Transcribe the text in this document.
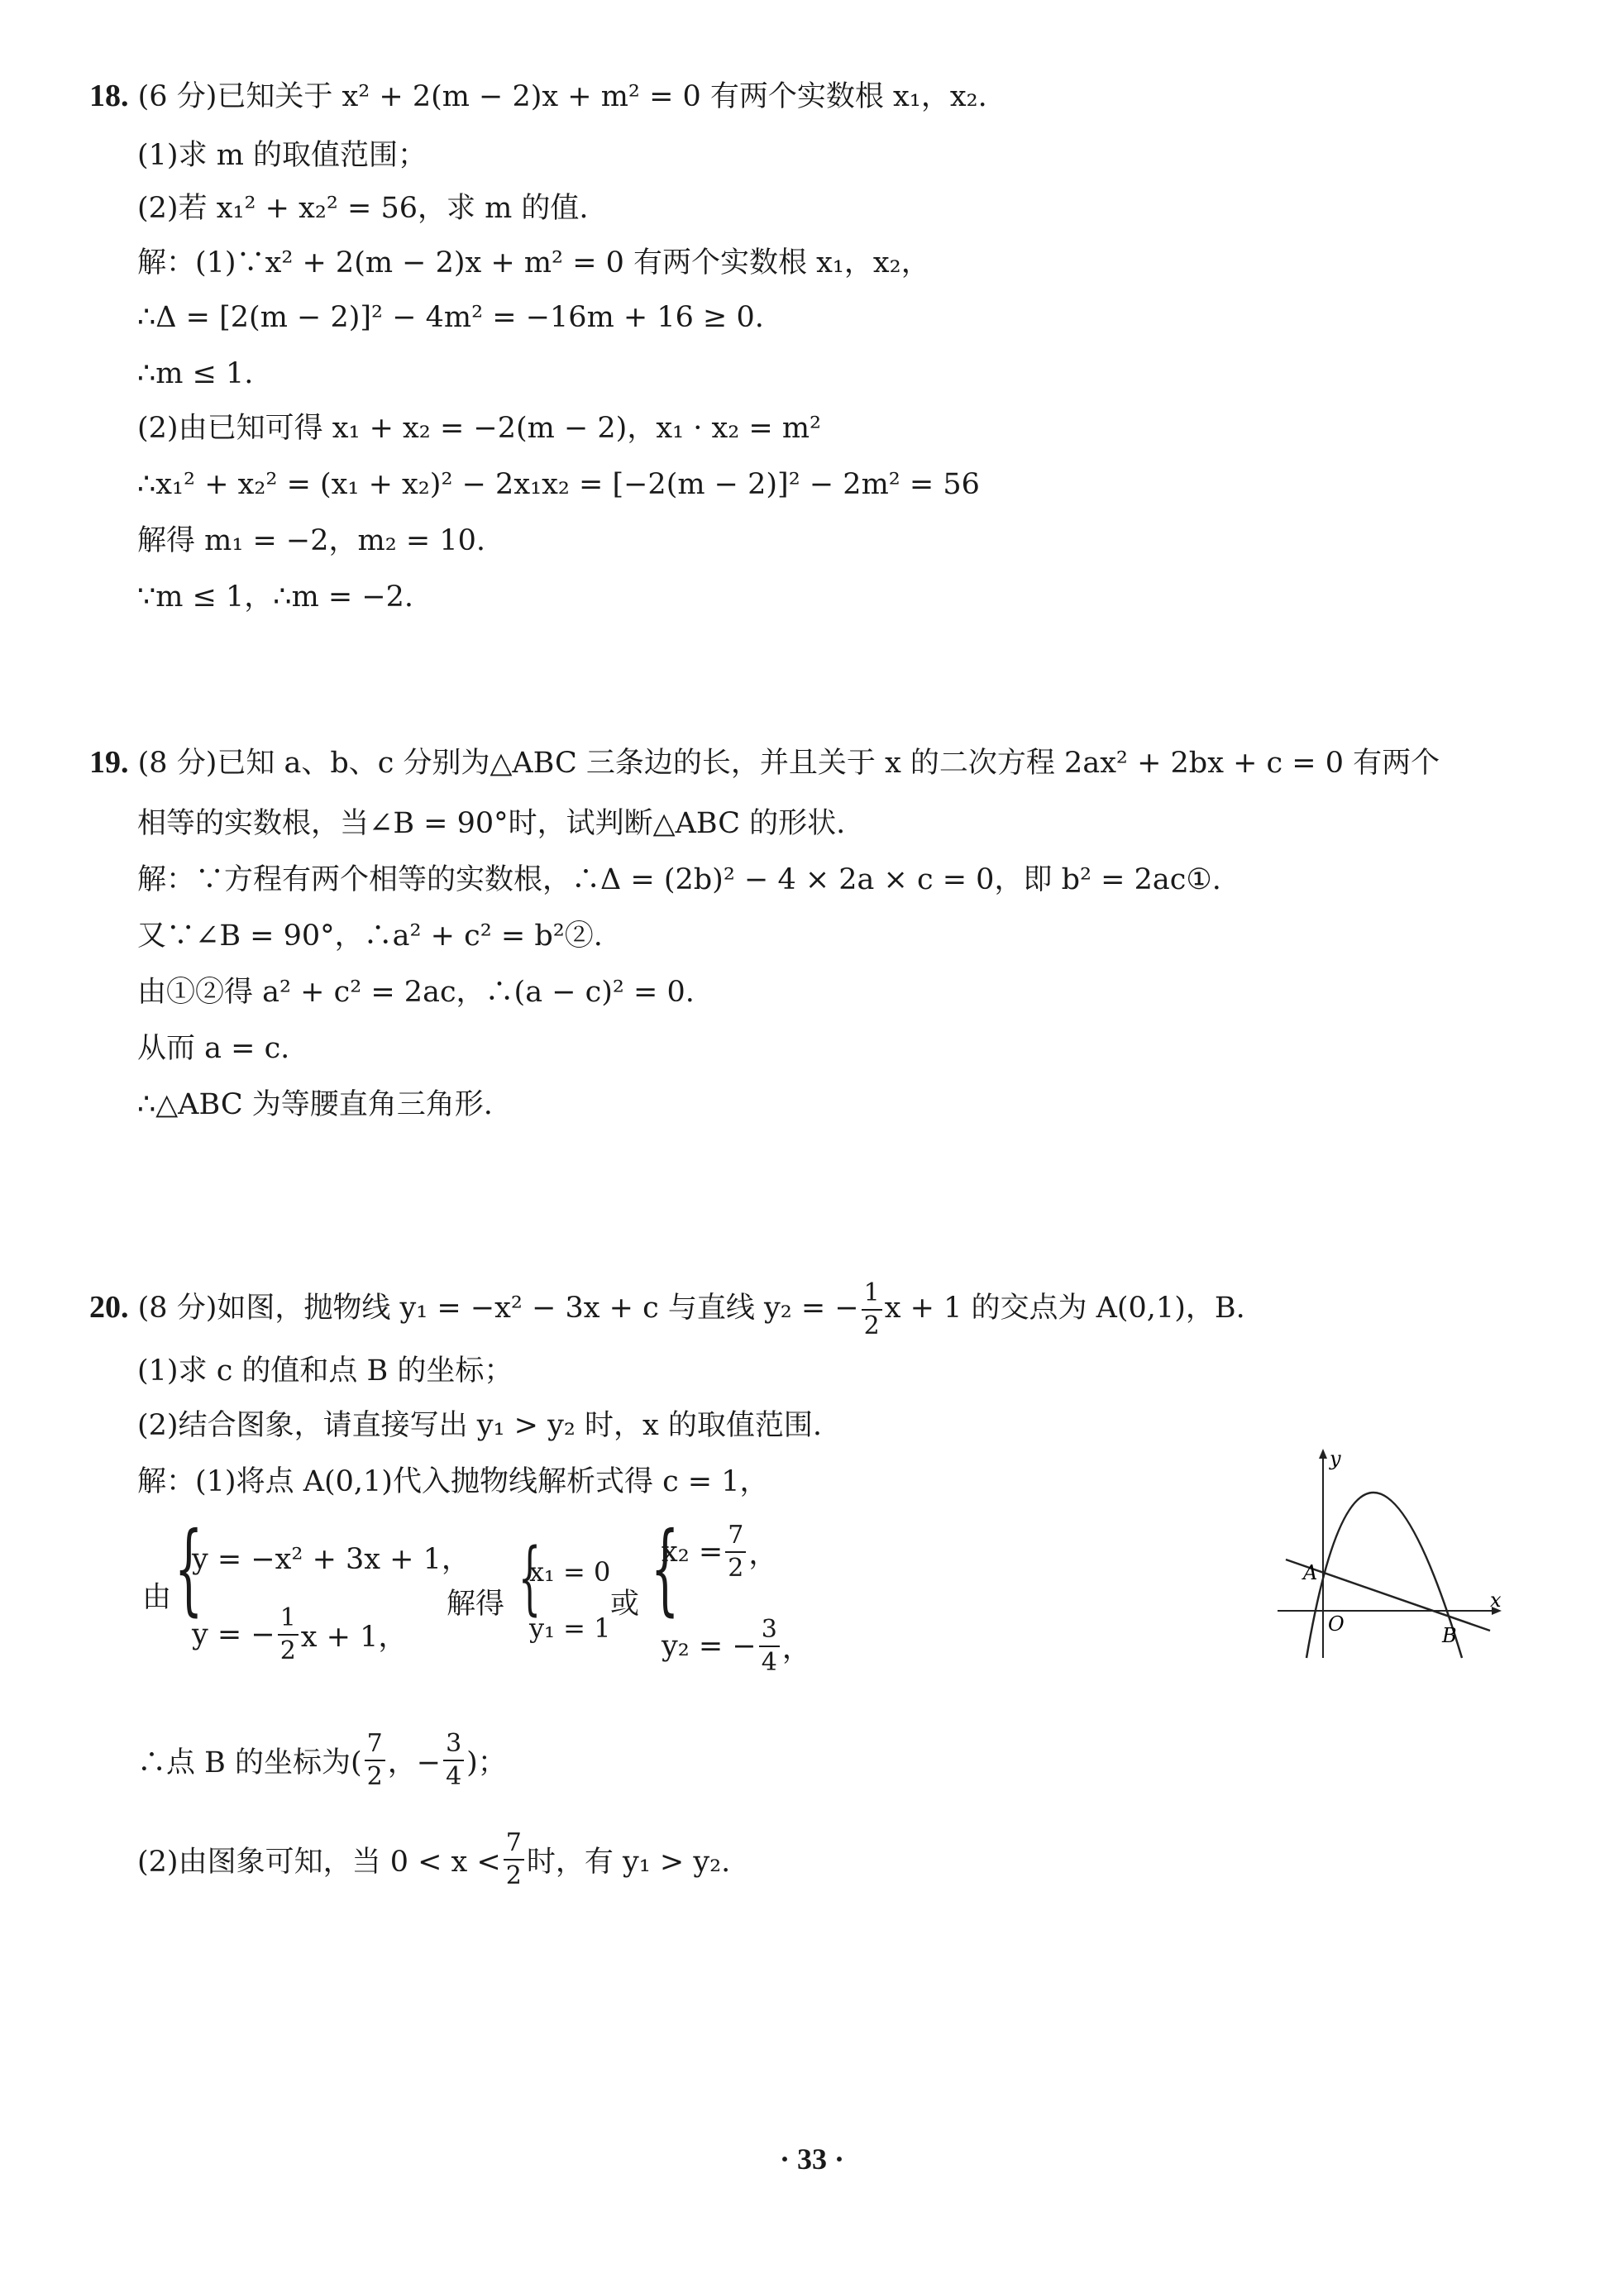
18. (6 分)已知关于 x² + 2(m − 2)x + m² = 0 有两个实数根 x₁，x₂.
(1)求 m 的取值范围；
(2)若 x₁² + x₂² = 56，求 m 的值.
解：(1)∵x² + 2(m − 2)x + m² = 0 有两个实数根 x₁，x₂，
∴Δ = [2(m − 2)]² − 4m² = −16m + 16 ≥ 0.
∴m ≤ 1.
(2)由已知可得 x₁ + x₂ = −2(m − 2)，x₁ · x₂ = m²
∴x₁² + x₂² = (x₁ + x₂)² − 2x₁x₂ = [−2(m − 2)]² − 2m² = 56
解得 m₁ = −2，m₂ = 10.
∵m ≤ 1，∴m = −2.
19. (8 分)已知 a、b、c 分别为△ABC 三条边的长，并且关于 x 的二次方程 2ax² + 2bx + c = 0 有两个
相等的实数根，当∠B = 90°时，试判断△ABC 的形状.
解：∵方程有两个相等的实数根，∴Δ = (2b)² − 4 × 2a × c = 0，即 b² = 2ac①.
又∵∠B = 90°，∴a² + c² = b²②.
由①②得 a² + c² = 2ac，∴(a − c)² = 0.
从而 a = c.
∴△ABC 为等腰直角三角形.
20. (8 分)如图，抛物线 y₁ = −x² − 3x + c 与直线 y₂ = − $\frac{1}{2}$ x + 1 的交点为 A(0,1)，B.
(1)求 c 的值和点 B 的坐标；
(2)结合图象，请直接写出 y₁ > y₂ 时，x 的取值范围.
解：(1)将点 A(0,1)代入抛物线解析式得 c = 1，
由 {
y = −x² + 3x + 1，
y = − $\frac{1}{2}$ x + 1，
解得 {
x₁ = 0
y₁ = 1
或 {
$x_2 = \frac{7}{2}$ ，
y₂ = − $\frac{3}{4}$ ，
∴点 B 的坐标为( $\frac{7}{2}$ ，− $\frac{3}{4}$ )；
(2)由图象可知，当 $0 < x < \frac{7}{2}$ 时，有 y₁ > y₂.
y
x
A
O	B
· 33 ·
